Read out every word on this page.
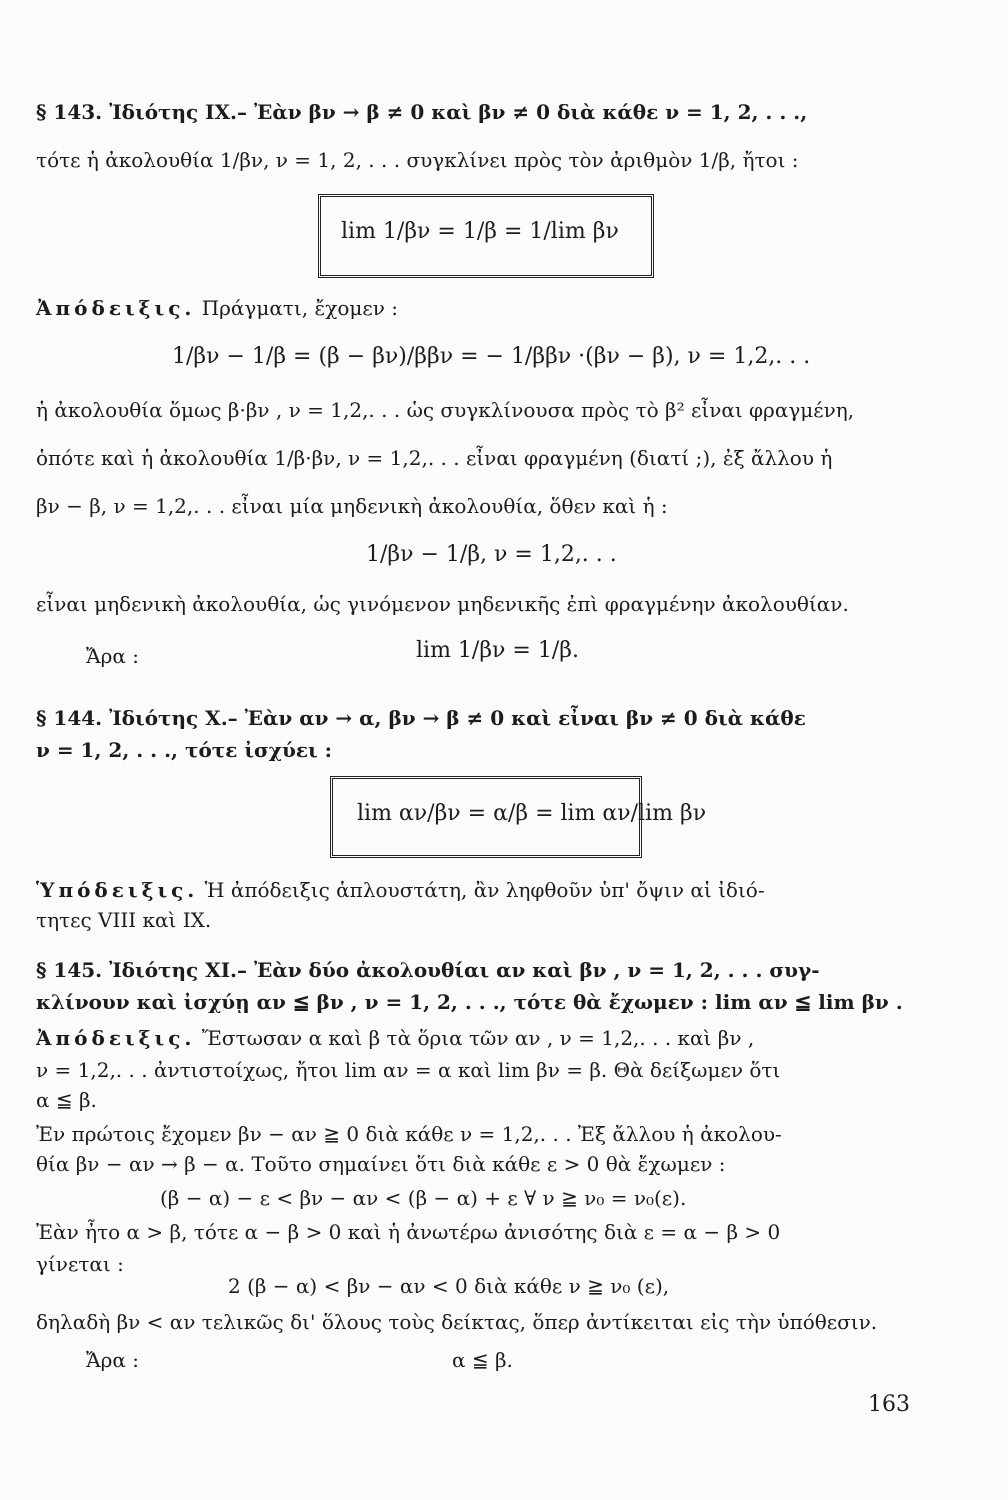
§ 143. Ἰδιότης IX.– Ἐὰν βν → β ≠ 0 καὶ βν ≠ 0 διὰ κάθε ν = 1, 2, . . .,
τότε ἡ ἀκολουθία 1/βν, ν = 1, 2, . . . συγκλίνει πρὸς τὸν ἀριθμὸν 1/β, ἤτοι :
lim 1/βν = 1/β = 1/lim βν
Ἀπόδειξις. Πράγματι, ἔχομεν :
1/βν − 1/β = (β − βν)/ββν = − 1/ββν ·(βν − β), ν = 1,2,. . .
ἡ ἀκολουθία ὅμως β·βν , ν = 1,2,. . . ὡς συγκλίνουσα πρὸς τὸ β² εἶναι φραγμένη,
ὁπότε καὶ ἡ ἀκολουθία 1/β·βν, ν = 1,2,. . . εἶναι φραγμένη (διατί ;), ἐξ ἄλλου ἡ
βν − β, ν = 1,2,. . . εἶναι μία μηδενικὴ ἀκολουθία, ὅθεν καὶ ἡ :
1/βν − 1/β, ν = 1,2,. . .
εἶναι μηδενικὴ ἀκολουθία, ὡς γινόμενον μηδενικῆς ἐπὶ φραγμένην ἀκολουθίαν.
Ἄρα :	lim 1/βν = 1/β.
§ 144. Ἰδιότης X.– Ἐὰν αν → α, βν → β ≠ 0 καὶ εἶναι βν ≠ 0 διὰ κάθε
ν = 1, 2, . . ., τότε ἰσχύει :
lim αν/βν = α/β = lim αν/lim βν
Ὑπόδειξις. Ἡ ἀπόδειξις ἁπλουστάτη, ἂν ληφθοῦν ὑπ' ὄψιν αἱ ἰδιό-
τητες VIII καὶ IX.
§ 145. Ἰδιότης XI.– Ἐὰν δύο ἀκολουθίαι αν καὶ βν , ν = 1, 2, . . . συγ-
κλίνουν καὶ ἰσχύῃ αν ≦ βν , ν = 1, 2, . . ., τότε θὰ ἔχωμεν : lim αν ≦ lim βν .
Ἀπόδειξις. Ἔστωσαν α καὶ β τὰ ὅρια τῶν αν , ν = 1,2,. . . καὶ βν ,
ν = 1,2,. . . ἀντιστοίχως, ἤτοι lim αν = α καὶ lim βν = β. Θὰ δείξωμεν ὅτι
α ≦ β.
Ἐν πρώτοις ἔχομεν βν − αν ≧ 0 διὰ κάθε ν = 1,2,. . . Ἐξ ἄλλου ἡ ἀκολου-
θία βν − αν → β − α. Τοῦτο σημαίνει ὅτι διὰ κάθε ε > 0 θὰ ἔχωμεν :
(β − α) − ε < βν − αν < (β − α) + ε ∀ ν ≧ ν₀ = ν₀(ε).
Ἐὰν ἦτο α > β, τότε α − β > 0 καὶ ἡ ἀνωτέρω ἀνισότης διὰ ε = α − β > 0
γίνεται :
2 (β − α) < βν − αν < 0 διὰ κάθε ν ≧ ν₀ (ε),
δηλαδὴ βν < αν τελικῶς δι' ὅλους τοὺς δείκτας, ὅπερ ἀντίκειται εἰς τὴν ὑπόθεσιν.
Ἄρα :	α ≦ β.
163
